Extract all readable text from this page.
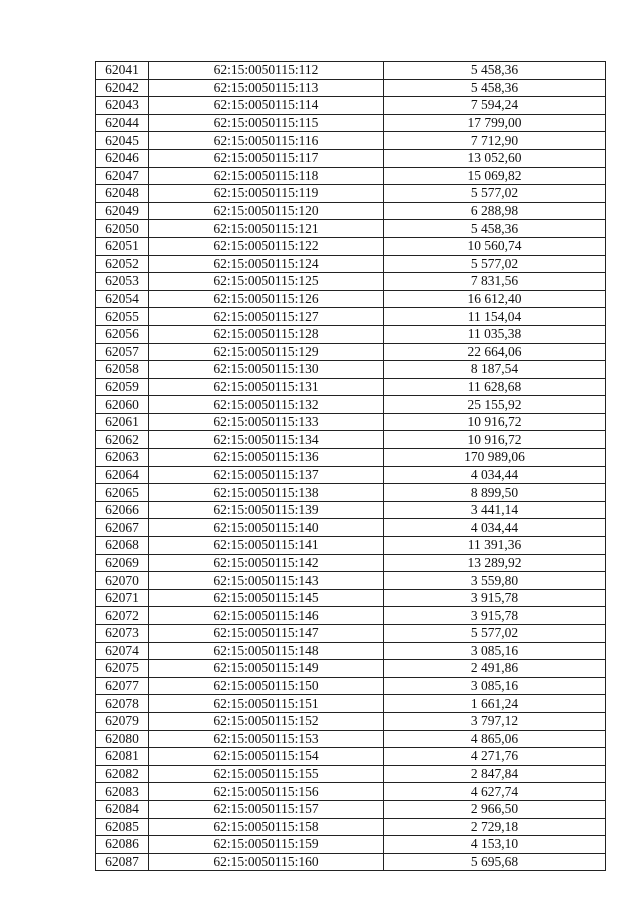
62041	62:15:0050115:112	5 458,36
62042	62:15:0050115:113	5 458,36
62043	62:15:0050115:114	7 594,24
62044	62:15:0050115:115	17 799,00
62045	62:15:0050115:116	7 712,90
62046	62:15:0050115:117	13 052,60
62047	62:15:0050115:118	15 069,82
62048	62:15:0050115:119	5 577,02
62049	62:15:0050115:120	6 288,98
62050	62:15:0050115:121	5 458,36
62051	62:15:0050115:122	10 560,74
62052	62:15:0050115:124	5 577,02
62053	62:15:0050115:125	7 831,56
62054	62:15:0050115:126	16 612,40
62055	62:15:0050115:127	11 154,04
62056	62:15:0050115:128	11 035,38
62057	62:15:0050115:129	22 664,06
62058	62:15:0050115:130	8 187,54
62059	62:15:0050115:131	11 628,68
62060	62:15:0050115:132	25 155,92
62061	62:15:0050115:133	10 916,72
62062	62:15:0050115:134	10 916,72
62063	62:15:0050115:136	170 989,06
62064	62:15:0050115:137	4 034,44
62065	62:15:0050115:138	8 899,50
62066	62:15:0050115:139	3 441,14
62067	62:15:0050115:140	4 034,44
62068	62:15:0050115:141	11 391,36
62069	62:15:0050115:142	13 289,92
62070	62:15:0050115:143	3 559,80
62071	62:15:0050115:145	3 915,78
62072	62:15:0050115:146	3 915,78
62073	62:15:0050115:147	5 577,02
62074	62:15:0050115:148	3 085,16
62075	62:15:0050115:149	2 491,86
62077	62:15:0050115:150	3 085,16
62078	62:15:0050115:151	1 661,24
62079	62:15:0050115:152	3 797,12
62080	62:15:0050115:153	4 865,06
62081	62:15:0050115:154	4 271,76
62082	62:15:0050115:155	2 847,84
62083	62:15:0050115:156	4 627,74
62084	62:15:0050115:157	2 966,50
62085	62:15:0050115:158	2 729,18
62086	62:15:0050115:159	4 153,10
62087	62:15:0050115:160	5 695,68
